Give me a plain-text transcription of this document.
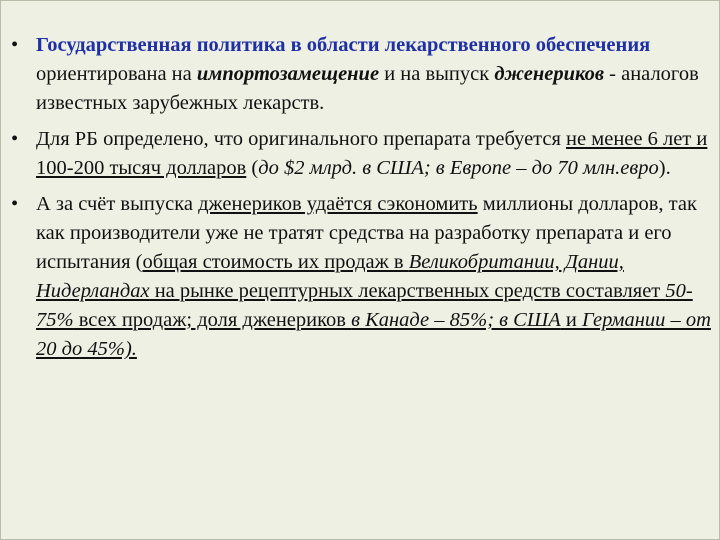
• Государственная политика в области лекарственного обеспечения ориентирована на импортозамещение и на выпуск дженериков - аналогов известных зарубежных лекарств.
• Для РБ определено, что оригинального препарата требуется не менее 6 лет и 100-200 тысяч долларов (до $2 млрд. в США; в Европе – до 70 млн.евро).
• А за счёт выпуска дженериков удаётся сэкономить миллионы долларов, так как производители уже не тратят средства на разработку препарата и его испытания (общая стоимость их продаж в Великобритании, Дании, Нидерландах на рынке рецептурных лекарственных средств составляет 50-75% всех продаж; доля дженериков в Канаде – 85%; в США и Германии – от 20 до 45%).
